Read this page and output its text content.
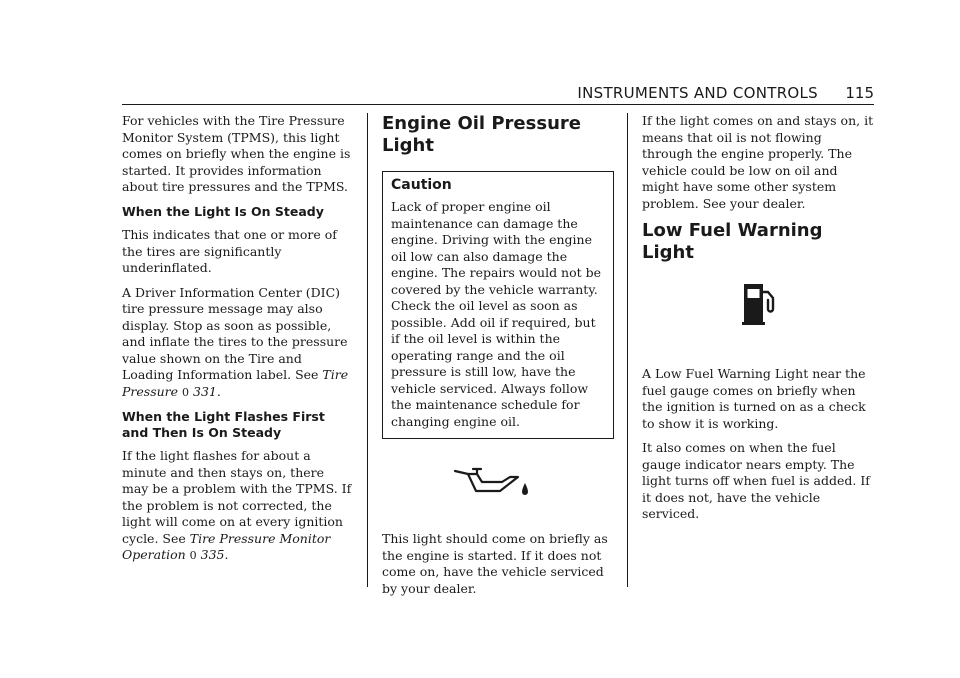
INSTRUMENTS AND CONTROLS 115

For vehicles with the Tire Pressure Monitor System (TPMS), this light comes on briefly when the engine is started. It provides information about tire pressures and the TPMS.

When the Light Is On Steady

This indicates that one or more of the tires are significantly underinflated.

A Driver Information Center (DIC) tire pressure message may also display. Stop as soon as possible, and inflate the tires to the pressure value shown on the Tire and Loading Information label. See Tire Pressure 0 331.

When the Light Flashes First and Then Is On Steady

If the light flashes for about a minute and then stays on, there may be a problem with the TPMS. If the problem is not corrected, the light will come on at every ignition cycle. See Tire Pressure Monitor Operation 0 335.

Engine Oil Pressure Light
Caution

Lack of proper engine oil maintenance can damage the engine. Driving with the engine oil low can also damage the engine. The repairs would not be covered by the vehicle warranty. Check the oil level as soon as possible. Add oil if required, but if the oil level is within the operating range and the oil pressure is still low, have the vehicle serviced. Always follow the maintenance schedule for changing engine oil.

This light should come on briefly as the engine is started. If it does not come on, have the vehicle serviced by your dealer.

If the light comes on and stays on, it means that oil is not flowing through the engine properly. The vehicle could be low on oil and might have some other system problem. See your dealer.

Low Fuel Warning Light

A Low Fuel Warning Light near the fuel gauge comes on briefly when the ignition is turned on as a check to show it is working.

It also comes on when the fuel gauge indicator nears empty. The light turns off when fuel is added. If it does not, have the vehicle serviced.
